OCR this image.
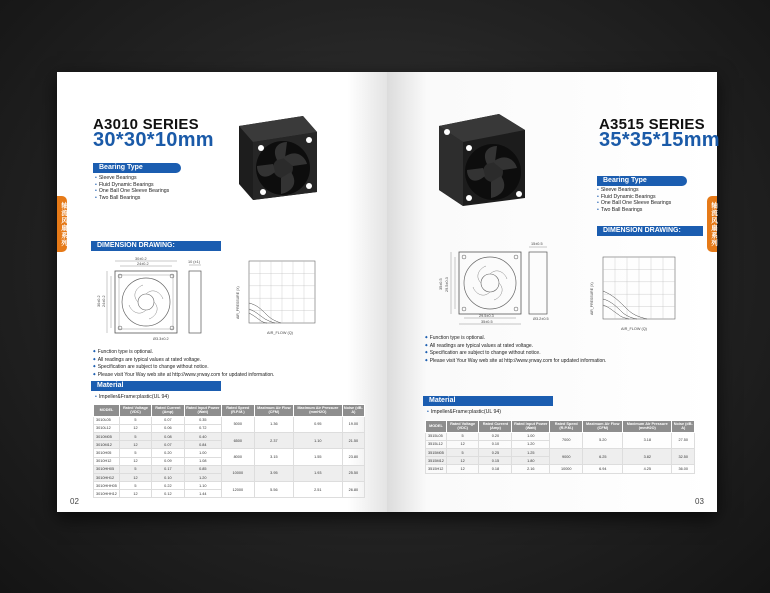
A3010 SERIES
30*30*10mm
Bearing Type
• Sleeve Bearings
• Fluid Dynamic Bearings
• One Ball One Sleeve Bearings
• Two Ball Bearings
DIMENSION DRAWING:
30±0.2
24±0.2	10 (±1)
30±0.2 24±0.2
Ø3.3±0.2
AIR_PRESSURE (X)
AIR_FLOW (Q)
◆ Function type is optional.
◆ All readings are typical values at rated voltage.
◆ Specification are subject to change without notice.
◆ Please visit Your Way web site at http://www.yrway.com for updated information.
Material
• Impeller&Frame:plastic(UL 94)
MODEL	Rated Voltage (VDC)	Rated Current (Amp)	Rated Input Power (Watt)	Rated Speed (R.P.M.)	Maximum Air Flow (CFM)	Maximum Air Pressure (mmH2O)	Noise (dB-A)
3010L05	5	0.07	0.35	5000	1.36	0.95	19.00
3010L12	12	0.06	0.72				
3010M05	5	0.08	0.40	6500	2.37	1.10	21.50
3010M12	12	0.07	0.84				
3010H05	5	0.20	1.00	8000	3.15	1.55	23.80
3010H12	12	0.09	1.08				
3010HH05	5	0.17	0.85	10000	3.95	1.93	25.50
3010HH12	12	0.10	1.20				
3010HHH05	5	0.22	1.10	12000	5.56	2.51	26.80
3010HHH12	12	0.12	1.44				
02
轴流风扇系列
A3515 SERIES
35*35*15mm
Bearing Type
• Sleeve Bearings
• Fluid Dynamic Bearings
• One Ball One Sleeve Bearings
• Two Ball Bearings
DIMENSION DRAWING:
15±0.5
35±0.5 29.5±0.3
29.5±0.3
35±0.5
Ø3.2±0.5
AIR_PRESSURE (X)
AIR_FLOW (Q)
◆ Function type is optional.
◆ All readings are typical values at rated voltage.
◆ Specification are subject to change without notice.
◆ Please visit Your Way web site at http://www.yrway.com for updated information.
Material
• Impeller&Frame:plastic(UL 94)
MODEL	Rated Voltage (VDC)	Rated Current (Amp)	Rated Input Power (Watt)	Rated Speed (R.P.M.)	Maximum Air Flow (CFM)	Maximum Air Pressure (mmH2O)	Noise (dB-A)
3515L05	5	0.20	1.00	7000	5.20	3.18	27.50
3515L12	12	0.10	1.20				
3515M05	5	0.25	1.25	9000	6.25	3.82	32.50
3515M12	12	0.15	1.80				
3515H12	12	0.18	2.16	10000	6.94	4.25	36.00
03
轴流风扇系列
